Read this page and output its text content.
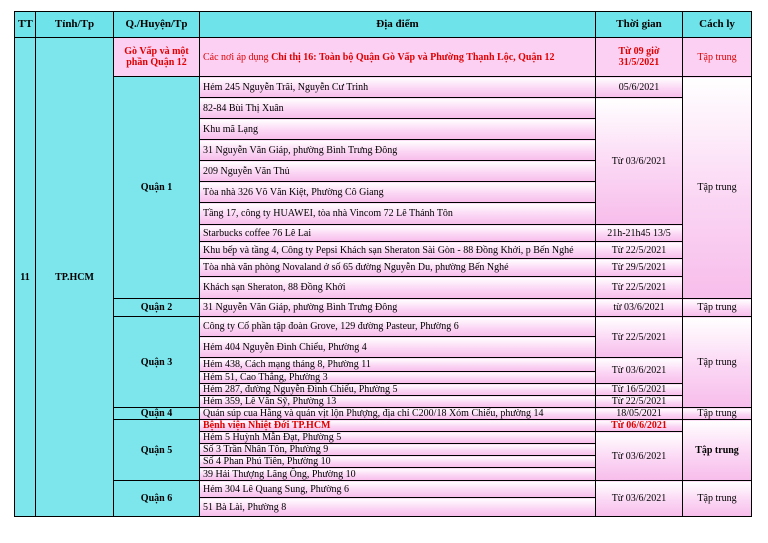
TT	Tỉnh/Tp	Q./Huyện/Tp	Địa điểm	Thời gian	Cách ly
11	TP.HCM	Gò Vấp và một phần Quận 12	Các nơi áp dụng Chỉ thị 16: Toàn bộ Quận Gò Vấp và Phường Thạnh Lộc, Quận 12	Từ 09 giờ 31/5/2021	Tập trung
		Quận 1	Hẻm 245 Nguyễn Trãi, Nguyễn Cư Trinh	05/6/2021	Tập trung
			82-84 Bùi Thị Xuân	Từ 03/6/2021	
			Khu mã Lạng		
			31 Nguyễn Văn Giáp, phường Bình Trưng Đông		
			209 Nguyễn Văn Thủ		
			Tòa nhà 326 Võ Văn Kiệt, Phường Cô Giang		
			Tầng 17, công ty HUAWEI, tòa nhà Vincom 72 Lê Thánh Tôn		
			Starbucks coffee 76 Lê Lai	21h-21h45 13/5	
			Khu bếp và tầng 4, Công ty Pepsi Khách sạn Sheraton Sài Gòn - 88 Đồng Khởi, p Bến Nghé	Từ 22/5/2021	
			Tòa nhà văn phòng Novaland ở số 65 đường Nguyễn Du, phường Bến Nghé	Từ 29/5/2021	
			Khách sạn Sheraton, 88 Đồng Khởi	Từ 22/5/2021	
		Quận 2	31 Nguyễn Văn Giáp, phường Bình Trưng Đông	từ 03/6/2021	Tập trung
		Quận 3	Công ty Cổ phần tập đoàn Grove, 129 đường Pasteur, Phường 6	Từ 22/5/2021	Tập trung
			Hẻm 404 Nguyễn Đình Chiểu, Phường 4		
			Hẻm 438, Cách mạng tháng 8, Phường 11	Từ 03/6/2021	
			Hẻm 51, Cao Thắng, Phường 3		
			Hẻm 287, đường Nguyễn Đình Chiểu, Phường 5	Từ 16/5/2021	
			Hẻm 359, Lê Văn Sỹ, Phường 13	Từ 22/5/2021	
		Quận 4	Quán súp cua Hằng và quán vịt lộn Phượng, địa chỉ C200/18 Xóm Chiếu, phường 14	18/05/2021	Tập trung
		Quận 5	Bệnh viện Nhiệt Đới TP.HCM	Từ 06/6/2021	Tập trung
			Hẻm 5 Huỳnh Mẫn Đạt, Phường 5	Từ 03/6/2021	
			Số 3 Trần Nhân Tôn, Phường 9		
			Số 4 Phan Phú Tiên, Phường 10		
			39 Hải Thượng Lãng Ông, Phường 10		
		Quận 6	Hẻm 304 Lê Quang Sung, Phường 6	Từ 03/6/2021	Tập trung
			51 Bà Lài, Phường 8		
